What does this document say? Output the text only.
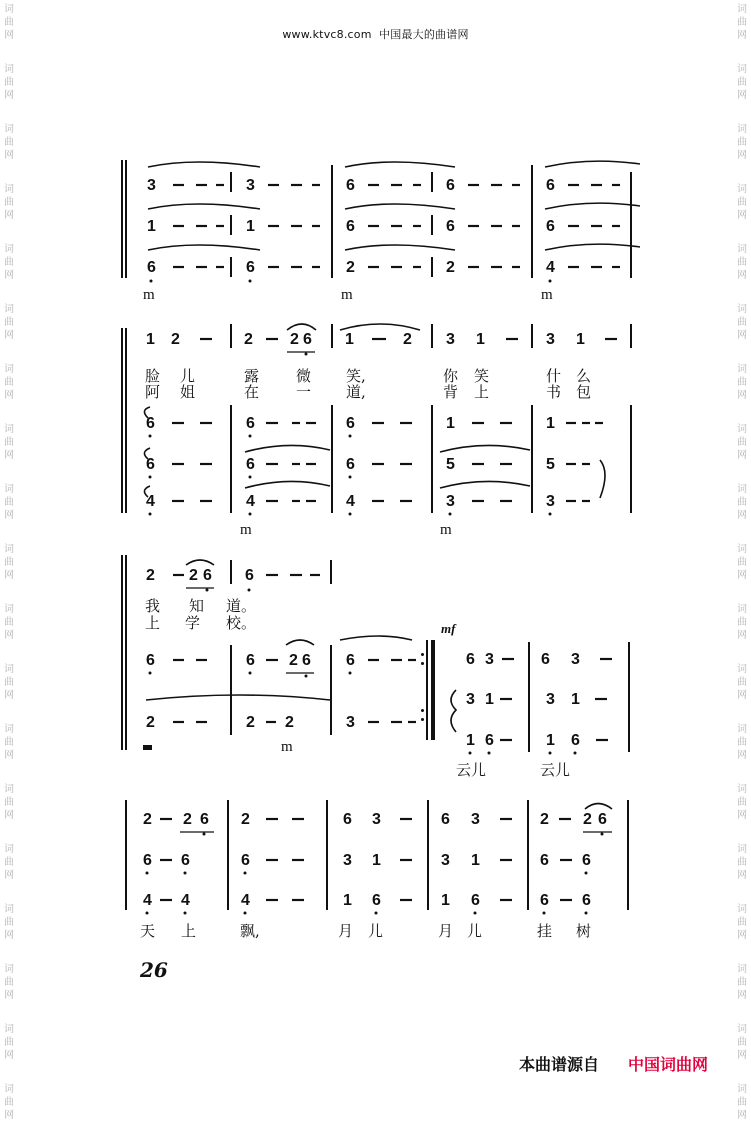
www.ktvc8.com 中国最大的曲谱网
词
曲
网
词
曲
网
词
曲
网
词
曲
网
词
曲
网
词
曲
网
词
曲
网
词
曲
网
词
曲
网
词
曲
网
词
曲
网
词
曲
网
词
曲
网
词
曲
网
词
曲
网
词
曲
网
词
曲
网
词
曲
网
词
曲
网
词
曲
网
词
曲
网
词
曲
网
词
曲
网
词
曲
网
词
曲
网
词
曲
网
词
曲
网
词
曲
网
词
曲
网
词
曲
网
词
曲
网
词
曲
网
词
曲
网
词
曲
网
词
曲
网
词
曲
网
词
曲
网
词
曲
网
3	3	6	6	6
1	1	6	6	6
6	6	2	2	4
m	m	m
1 2	2 2 6 1	2 3 1	3 1
脸 儿	露 微 笑,	你 笑	什 么
阿 姐	在 一 道,	背 上	书 包
6	6	6	1	1
6	6	6	5	5
4	4	4	3	3
m	m
2 2 6 6
我 知 道。
上 学 校。
6	6 2 6 6
2	2 2	3
m
mf
6 3	6 3
3 1	3 1
1 6	1 6
云儿	云儿
2 2 6 2	6 3	6 3	2 2 6
6 6	6	3 1	3 1	6 6
4 4	4	1 6	1 6	6 6
天 上	飘,	月 儿	月 儿	挂 树
26
本曲谱源自 中国词曲网
